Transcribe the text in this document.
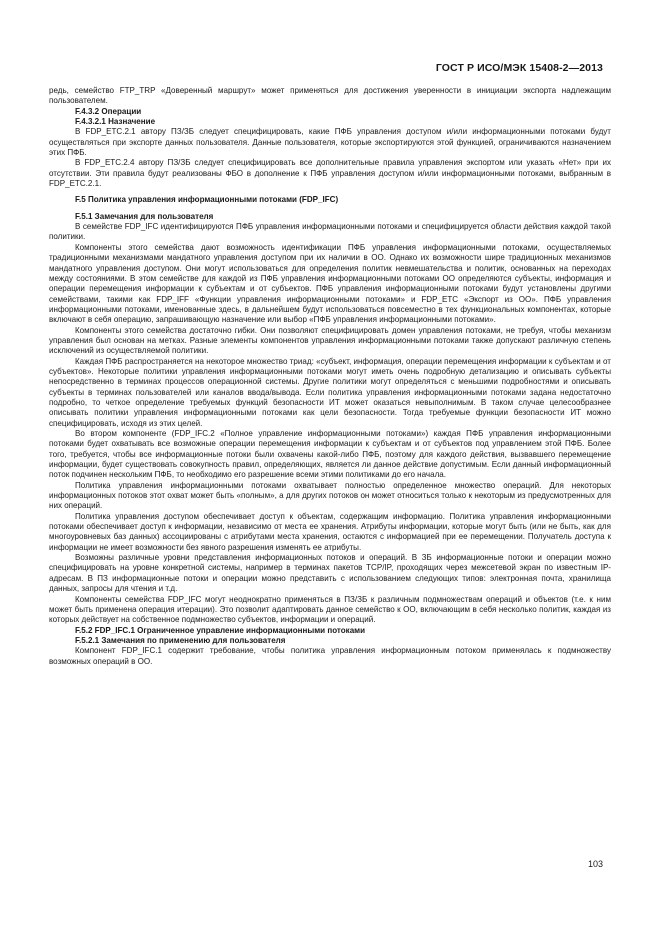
ГОСТ Р ИСО/МЭК 15408-2—2013

редь, семейство FTP_TRP «Доверенный маршрут» может применяться для достижения уверенности в инициации экспорта надлежащим пользователем.

F.4.3.2 Операции

F.4.3.2.1 Назначение

В FDP_ETC.2.1 автору ПЗ/ЗБ следует специфицировать, какие ПФБ управления доступом и/или информационными потоками будут осуществляться при экспорте данных пользователя. Данные пользователя, которые экспортируются этой функцией, ограничиваются назначением этих ПФБ.

В FDP_ETC.2.4 автору ПЗ/ЗБ следует специфицировать все дополнительные правила управления экспортом или указать «Нет» при их отсутствии. Эти правила будут реализованы ФБО в дополнение к ПФБ управления доступом и/или информационными потоками, выбранным в FDP_ETC.2.1.

F.5 Политика управления информационными потоками (FDP_IFC)

F.5.1 Замечания для пользователя

В семействе FDP_IFC идентифицируются ПФБ управления информационными потоками и специфицируется области действия каждой такой политики.

Компоненты этого семейства дают возможность идентификации ПФБ управления информационными потоками, осуществляемых традиционными механизмами мандатного управления доступом при их наличии в ОО. Однако их возможности шире традиционных механизмов мандатного управления доступом. Они могут использоваться для определения политик невмешательства и политик, основанных на переходах между состояниями. В этом семействе для каждой из ПФБ управления информационными потоками ОО определяются субъекты, информация и операции перемещения информации к субъектам и от субъектов. ПФБ управления информационными потоками будут установлены другими семействами, такими как FDP_IFF «Функции управления информационными потоками» и FDP_ETC «Экспорт из ОО». ПФБ управления информационными потоками, именованные здесь, в дальнейшем будут использоваться повсеместно в тех функциональных компонентах, которые включают в себя операцию, запрашивающую назначение или выбор «ПФБ управления информационными потоками».

Компоненты этого семейства достаточно гибки. Они позволяют специфицировать домен управления потоками, не требуя, чтобы механизм управления был основан на метках. Разные элементы компонентов управления информационными потоками также допускают различную степень исключений из осуществляемой политики.

Каждая ПФБ распространяется на некоторое множество триад: «субъект, информация, операции перемещения информации к субъектам и от субъектов». Некоторые политики управления информационными потоками могут иметь очень подробную детализацию и описывать субъекты непосредственно в терминах процессов операционной системы. Другие политики могут определяться с меньшими подробностями и описывать субъекты в терминах пользователей или каналов ввода/вывода. Если политика управления информационными потоками задана недостаточно подробно, то четкое определение требуемых функций безопасности ИТ может оказаться невыполнимым. В таком случае целесообразнее описывать политики управления информационными потоками как цели безопасности. Тогда требуемые функции безопасности ИТ можно специфицировать, исходя из этих целей.

Во втором компоненте (FDP_IFC.2 «Полное управление информационными потоками») каждая ПФБ управления информационными потоками будет охватывать все возможные операции перемещения информации к субъектам и от субъектов под управлением этой ПФБ. Более того, требуется, чтобы все информационные потоки были охвачены какой-либо ПФБ, поэтому для каждого действия, вызвавшего перемещение информации, будет существовать совокупность правил, определяющих, является ли данное действие допустимым. Если данный информационный поток подчинен нескольким ПФБ, то необходимо его разрешение всеми этими политиками до его начала.

Политика управления информационными потоками охватывает полностью определенное множество операций. Для некоторых информационных потоков этот охват может быть «полным», а для других потоков он может относиться только к некоторым из предусмотренных для них операций.

Политика управления доступом обеспечивает доступ к объектам, содержащим информацию. Политика управления информационными потоками обеспечивает доступ к информации, независимо от места ее хранения. Атрибуты информации, которые могут быть (или не быть, как для многоуровневых баз данных) ассоциированы с атрибутами места хранения, остаются с информацией при ее перемещении. Получатель доступа к информации не имеет возможности без явного разрешения изменять ее атрибуты.

Возможны различные уровни представления информационных потоков и операций. В ЗБ информационные потоки и операции можно специфицировать на уровне конкретной системы, например в терминах пакетов TCP/IP, проходящих через межсетевой экран по известным IP-адресам. В ПЗ информационные потоки и операции можно представить с использованием следующих типов: электронная почта, хранилища данных, запросы для чтения и т.д.

Компоненты семейства FDP_IFC могут неоднократно применяться в ПЗ/ЗБ к различным подмножествам операций и объектов (т.е. к ним может быть применена операция итерации). Это позволит адаптировать данное семейство к ОО, включающим в себя несколько политик, каждая из которых действует на собственное подмножество субъектов, информации и операций.

F.5.2 FDP_IFC.1 Ограниченное управление информационными потоками

F.5.2.1 Замечания по применению для пользователя

Компонент FDP_IFC.1 содержит требование, чтобы политика управления информационным потоком применялась к подмножеству возможных операций в ОО.

103
